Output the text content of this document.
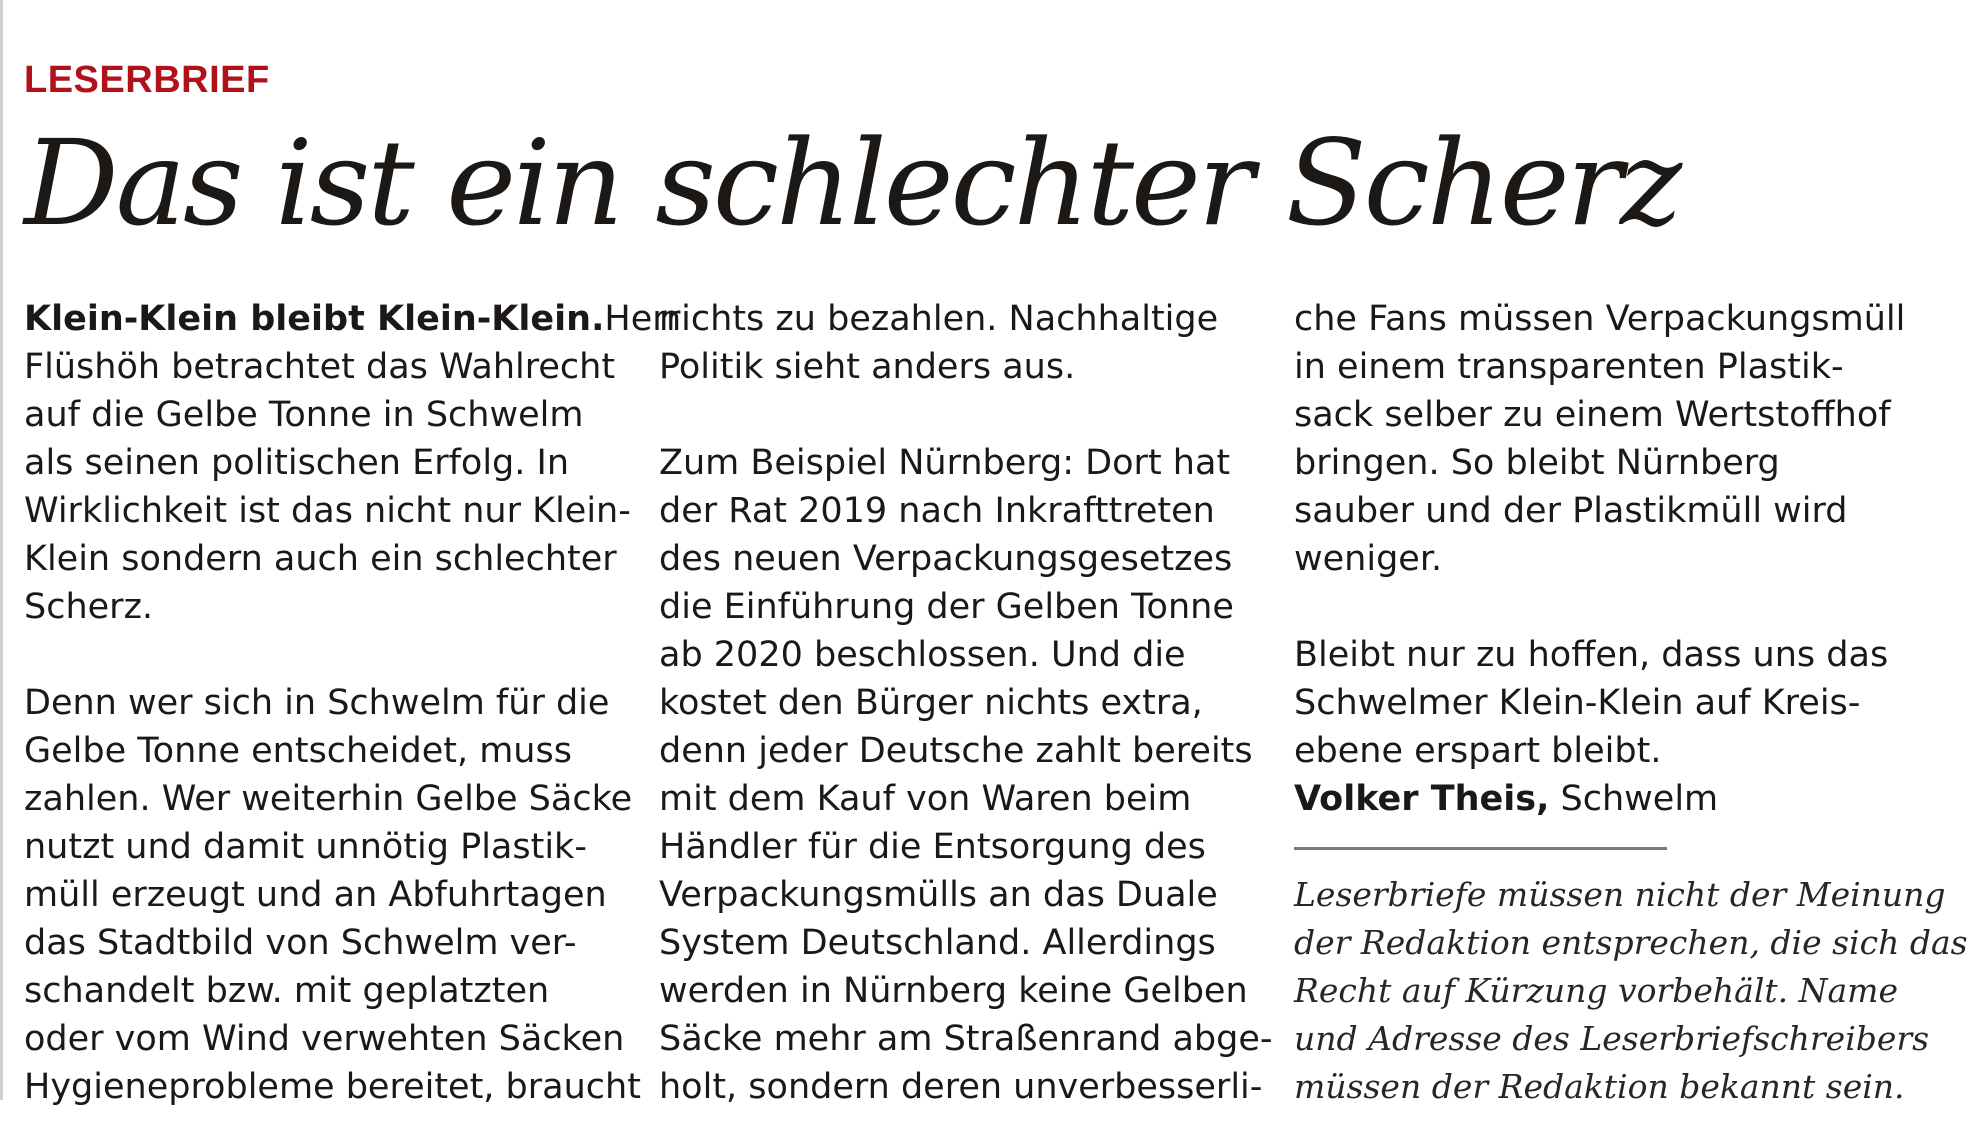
LESERBRIEF
Das ist ein schlechter Scherz
Klein-Klein bleibt Klein-Klein.Herr
Flüshöh betrachtet das Wahlrecht
auf die Gelbe Tonne in Schwelm
als seinen politischen Erfolg. In
Wirklichkeit ist das nicht nur Klein-
Klein sondern auch ein schlechter
Scherz.
Denn wer sich in Schwelm für die
Gelbe Tonne entscheidet, muss
zahlen. Wer weiterhin Gelbe Säcke
nutzt und damit unnötig Plastik-
müll erzeugt und an Abfuhrtagen
das Stadtbild von Schwelm ver-
schandelt bzw. mit geplatzten
oder vom Wind verwehten Säcken
Hygieneprobleme bereitet, braucht
nichts zu bezahlen. Nachhaltige
Politik sieht anders aus.
Zum Beispiel Nürnberg: Dort hat
der Rat 2019 nach Inkrafttreten
des neuen Verpackungsgesetzes
die Einführung der Gelben Tonne
ab 2020 beschlossen. Und die
kostet den Bürger nichts extra,
denn jeder Deutsche zahlt bereits
mit dem Kauf von Waren beim
Händler für die Entsorgung des
Verpackungsmülls an das Duale
System Deutschland. Allerdings
werden in Nürnberg keine Gelben
Säcke mehr am Straßenrand abge-
holt, sondern deren unverbesserli-
che Fans müssen Verpackungsmüll
in einem transparenten Plastik-
sack selber zu einem Wertstoffhof
bringen. So bleibt Nürnberg
sauber und der Plastikmüll wird
weniger.
Bleibt nur zu hoffen, dass uns das
Schwelmer Klein-Klein auf Kreis-
ebene erspart bleibt.
Volker Theis, Schwelm
Leserbriefe müssen nicht der Meinung
der Redaktion entsprechen, die sich das
Recht auf Kürzung vorbehält. Name
und Adresse des Leserbriefschreibers
müssen der Redaktion bekannt sein.
